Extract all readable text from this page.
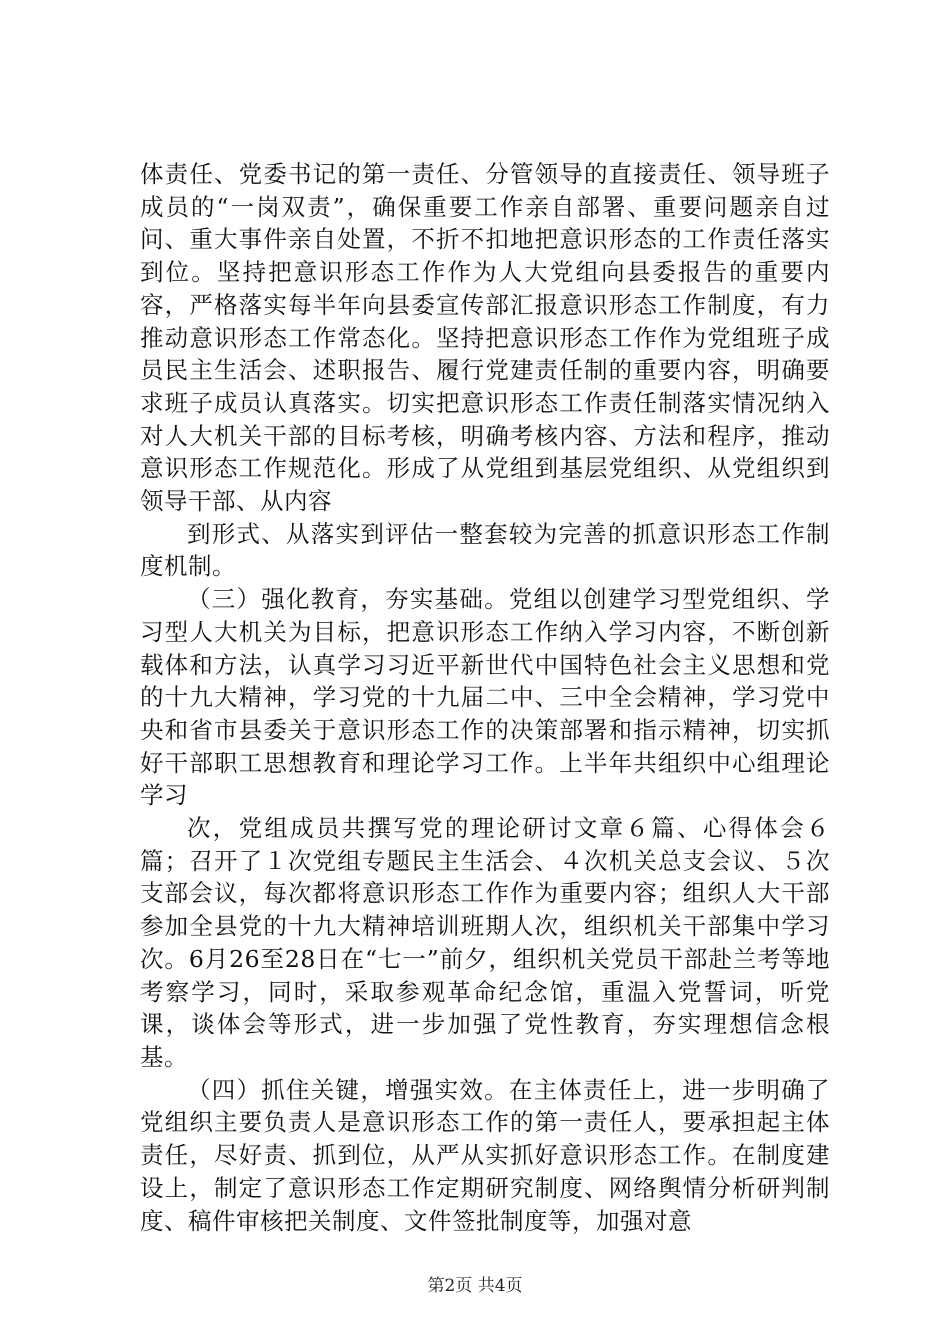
体责任、党委书记的第一责任、分管领导的直接责任、领导班子成员的“一岗双责”，确保重要工作亲自部署、重要问题亲自过问、重大事件亲自处置，不折不扣地把意识形态的工作责任落实到位。坚持把意识形态工作作为人大党组向县委报告的重要内容，严格落实每半年向县委宣传部汇报意识形态工作制度，有力推动意识形态工作常态化。坚持把意识形态工作作为党组班子成员民主生活会、述职报告、履行党建责任制的重要内容，明确要求班子成员认真落实。切实把意识形态工作责任制落实情况纳入对人大机关干部的目标考核，明确考核内容、方法和程序，推动意识形态工作规范化。形成了从党组到基层党组织、从党组织到领导干部、从内容

到形式、从落实到评估一整套较为完善的抓意识形态工作制度机制。

（三）强化教育，夯实基础。党组以创建学习型党组织、学习型人大机关为目标，把意识形态工作纳入学习内容，不断创新载体和方法，认真学习习近平新世代中国特色社会主义思想和党的十九大精神，学习党的十九届二中、三中全会精神，学习党中央和省市县委关于意识形态工作的决策部署和指示精神，切实抓好干部职工思想教育和理论学习工作。上半年共组织中心组理论学习

次，党组成员共撰写党的理论研讨文章６篇、心得体会６篇；召开了１次党组专题民主生活会、４次机关总支会议、５次支部会议，每次都将意识形态工作作为重要内容；组织人大干部参加全县党的十九大精神培训班期人次，组织机关干部集中学习次。6月26至28日在“七一”前夕，组织机关党员干部赴兰考等地考察学习，同时，采取参观革命纪念馆，重温入党誓词，听党课，谈体会等形式，进一步加强了党性教育，夯实理想信念根基。

（四）抓住关键，增强实效。在主体责任上，进一步明确了党组织主要负责人是意识形态工作的第一责任人，要承担起主体责任，尽好责、抓到位，从严从实抓好意识形态工作。在制度建设上，制定了意识形态工作定期研究制度、网络舆情分析研判制度、稿件审核把关制度、文件签批制度等，加强对意

第2页 共4页
